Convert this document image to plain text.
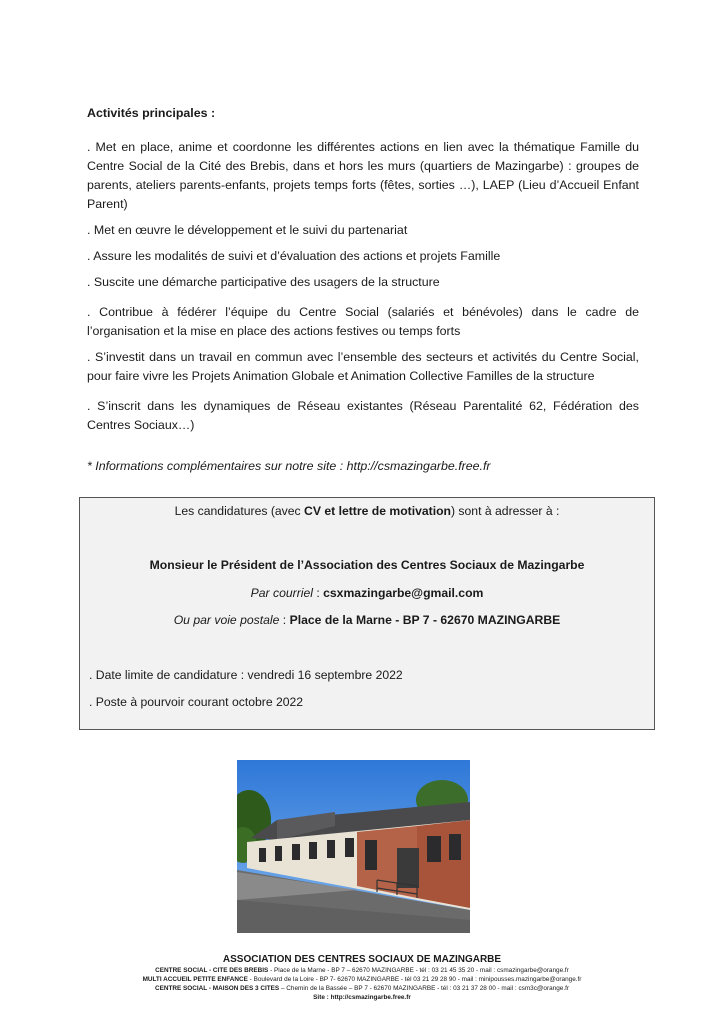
Activités principales :

. Met en place, anime et coordonne les différentes actions en lien avec la thématique Famille du Centre Social de la Cité des Brebis, dans et hors les murs (quartiers de Mazingarbe) : groupes de parents, ateliers parents-enfants, projets temps forts (fêtes, sorties …), LAEP (Lieu d’Accueil Enfant Parent)

. Met en œuvre le développement et le suivi du partenariat

. Assure les modalités de suivi et d’évaluation des actions et projets Famille

. Suscite une démarche participative des usagers de la structure

. Contribue à fédérer l’équipe du Centre Social (salariés et bénévoles) dans le cadre de l’organisation et la mise en place des actions festives ou temps forts

. S’investit dans un travail en commun avec l’ensemble des secteurs et activités du Centre Social, pour faire vivre les Projets Animation Globale et Animation Collective Familles de la structure

. S’inscrit dans les dynamiques de Réseau existantes (Réseau Parentalité 62, Fédération des Centres Sociaux…)

* Informations complémentaires sur notre site : http://csmazingarbe.free.fr

Les candidatures (avec CV et lettre de motivation) sont à adresser à :
Monsieur le Président de l’Association des Centres Sociaux de Mazingarbe
Par courriel : csxmazingarbe@gmail.com
Ou par voie postale : Place de la Marne - BP 7 - 62670 MAZINGARBE
. Date limite de candidature : vendredi 16 septembre 2022
. Poste à pourvoir courant octobre 2022
ASSOCIATION DES CENTRES SOCIAUX DE MAZINGARBE
CENTRE SOCIAL - CITE DES BREBIS - Place de la Marne - BP 7 – 62670 MAZINGARBE - tél : 03 21 45 35 20 - mail : csmazingarbe@orange.fr
MULTI ACCUEIL PETITE ENFANCE - Boulevard de la Loire - BP 7- 62670 MAZINGARBE - tél 03 21 29 28 90 - mail : minipousses.mazingarbe@orange.fr
CENTRE SOCIAL - MAISON DES 3 CITES – Chemin de la Bassée – BP 7 - 62670 MAZINGARBE - tél : 03 21 37 28 00 - mail : csm3c@orange.fr
Site : http://csmazingarbe.free.fr
